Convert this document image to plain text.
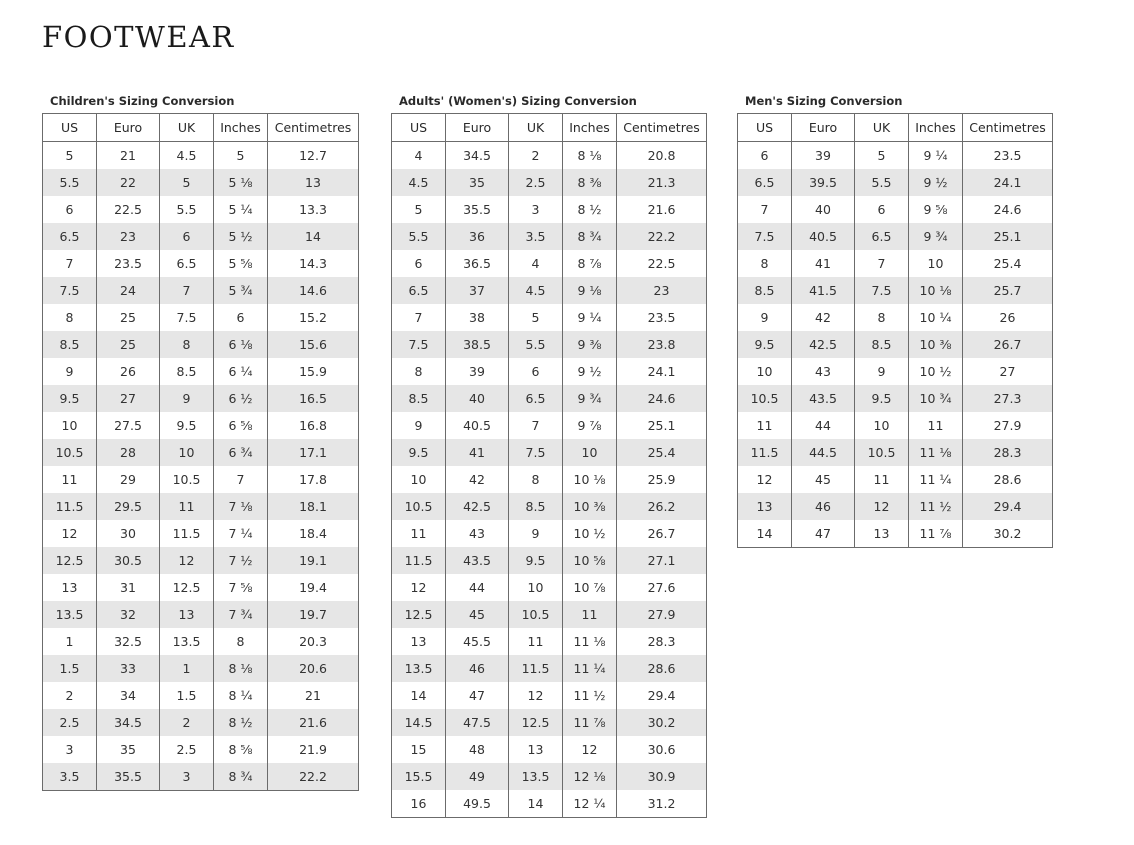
FOOTWEAR
Children's Sizing Conversion
US	Euro	UK	Inches	Centimetres
5	21	4.5	5	12.7
5.5	22	5	5 ⅛	13
6	22.5	5.5	5 ¼	13.3
6.5	23	6	5 ½	14
7	23.5	6.5	5 ⅝	14.3
7.5	24	7	5 ¾	14.6
8	25	7.5	6	15.2
8.5	25	8	6 ⅛	15.6
9	26	8.5	6 ¼	15.9
9.5	27	9	6 ½	16.5
10	27.5	9.5	6 ⅝	16.8
10.5	28	10	6 ¾	17.1
11	29	10.5	7	17.8
11.5	29.5	11	7 ⅛	18.1
12	30	11.5	7 ¼	18.4
12.5	30.5	12	7 ½	19.1
13	31	12.5	7 ⅝	19.4
13.5	32	13	7 ¾	19.7
1	32.5	13.5	8	20.3
1.5	33	1	8 ⅛	20.6
2	34	1.5	8 ¼	21
2.5	34.5	2	8 ½	21.6
3	35	2.5	8 ⅝	21.9
3.5	35.5	3	8 ¾	22.2
Adults' (Women's) Sizing Conversion
US	Euro	UK	Inches	Centimetres
4	34.5	2	8 ⅛	20.8
4.5	35	2.5	8 ⅜	21.3
5	35.5	3	8 ½	21.6
5.5	36	3.5	8 ¾	22.2
6	36.5	4	8 ⅞	22.5
6.5	37	4.5	9 ⅛	23
7	38	5	9 ¼	23.5
7.5	38.5	5.5	9 ⅜	23.8
8	39	6	9 ½	24.1
8.5	40	6.5	9 ¾	24.6
9	40.5	7	9 ⅞	25.1
9.5	41	7.5	10	25.4
10	42	8	10 ⅛	25.9
10.5	42.5	8.5	10 ⅜	26.2
11	43	9	10 ½	26.7
11.5	43.5	9.5	10 ⅝	27.1
12	44	10	10 ⅞	27.6
12.5	45	10.5	11	27.9
13	45.5	11	11 ⅛	28.3
13.5	46	11.5	11 ¼	28.6
14	47	12	11 ½	29.4
14.5	47.5	12.5	11 ⅞	30.2
15	48	13	12	30.6
15.5	49	13.5	12 ⅛	30.9
16	49.5	14	12 ¼	31.2
Men's Sizing Conversion
US	Euro	UK	Inches	Centimetres
6	39	5	9 ¼	23.5
6.5	39.5	5.5	9 ½	24.1
7	40	6	9 ⅝	24.6
7.5	40.5	6.5	9 ¾	25.1
8	41	7	10	25.4
8.5	41.5	7.5	10 ⅛	25.7
9	42	8	10 ¼	26
9.5	42.5	8.5	10 ⅜	26.7
10	43	9	10 ½	27
10.5	43.5	9.5	10 ¾	27.3
11	44	10	11	27.9
11.5	44.5	10.5	11 ⅛	28.3
12	45	11	11 ¼	28.6
13	46	12	11 ½	29.4
14	47	13	11 ⅞	30.2
